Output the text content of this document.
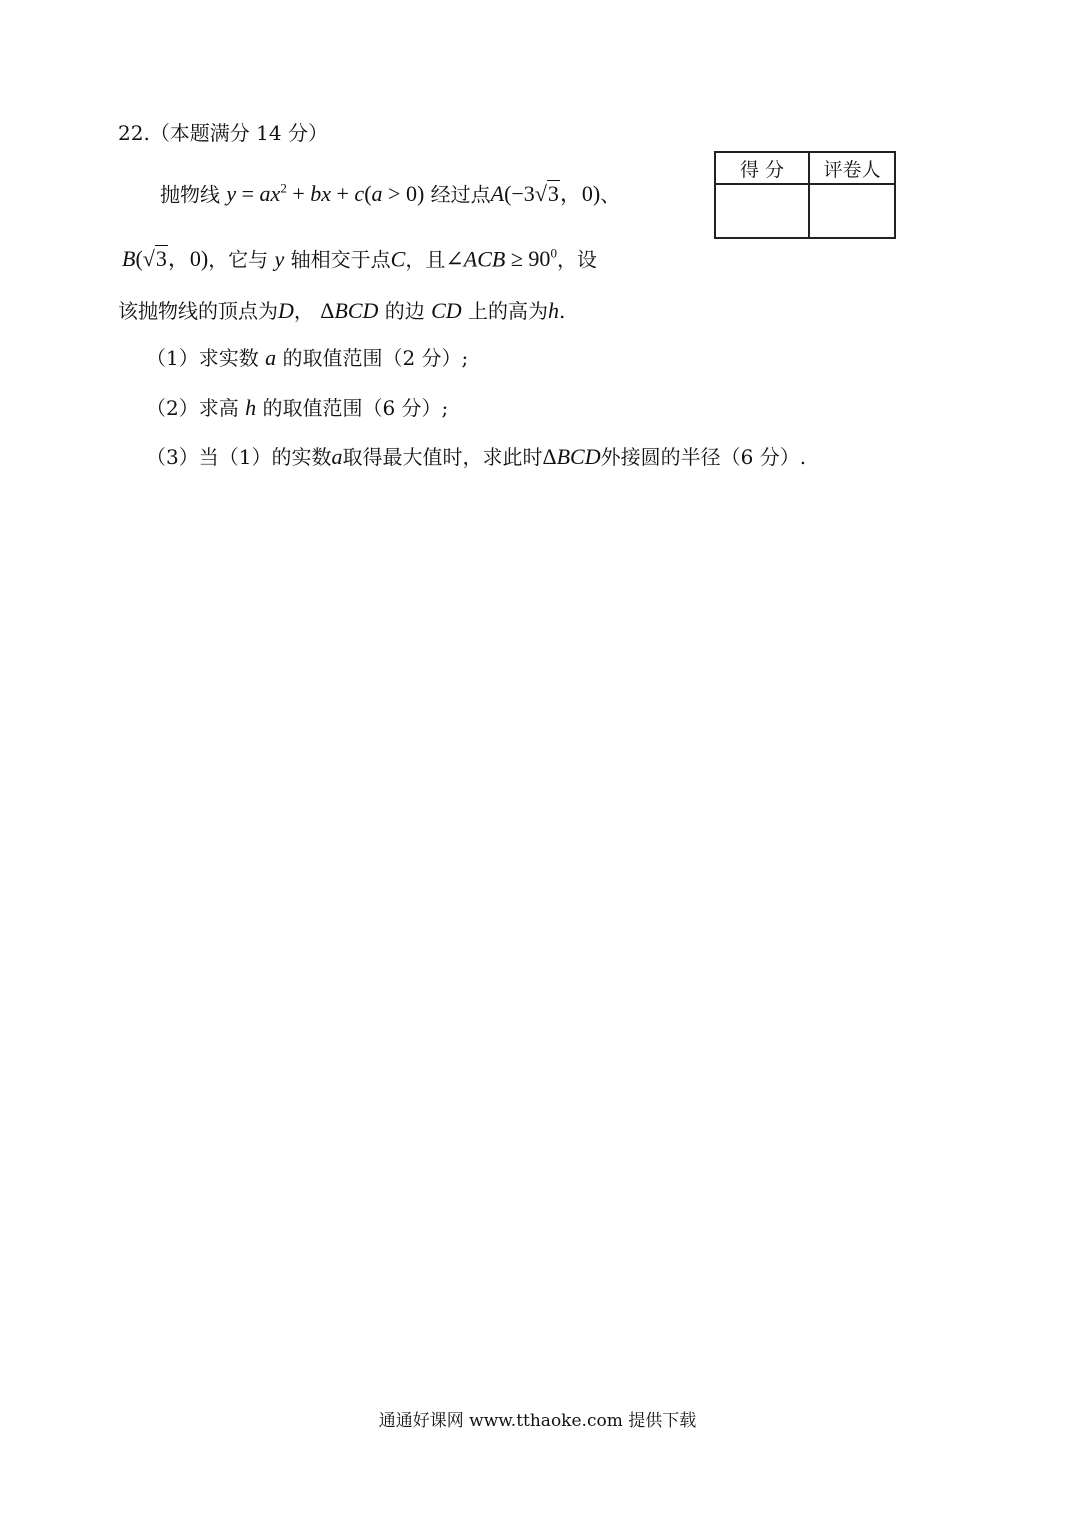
22.（本题满分 14 分）
抛物线 $y = ax^2$ + bx + c(a > 0) 经过点A(−3√3，0)、
B(√3，0)，它与 y 轴相交于点C，且∠ACB ≥ $90^0$，设
该抛物线的顶点为D， ΔBCD 的边 CD 上的高为h.
（1）求实数 a 的取值范围（2 分）;
（2）求高 h 的取值范围（6 分）;
（3）当（1）的实数a取得最大值时，求此时ΔBCD外接圆的半径（6 分）.
得 分	评卷人

通通好课网 www.tthaoke.com 提供下载
